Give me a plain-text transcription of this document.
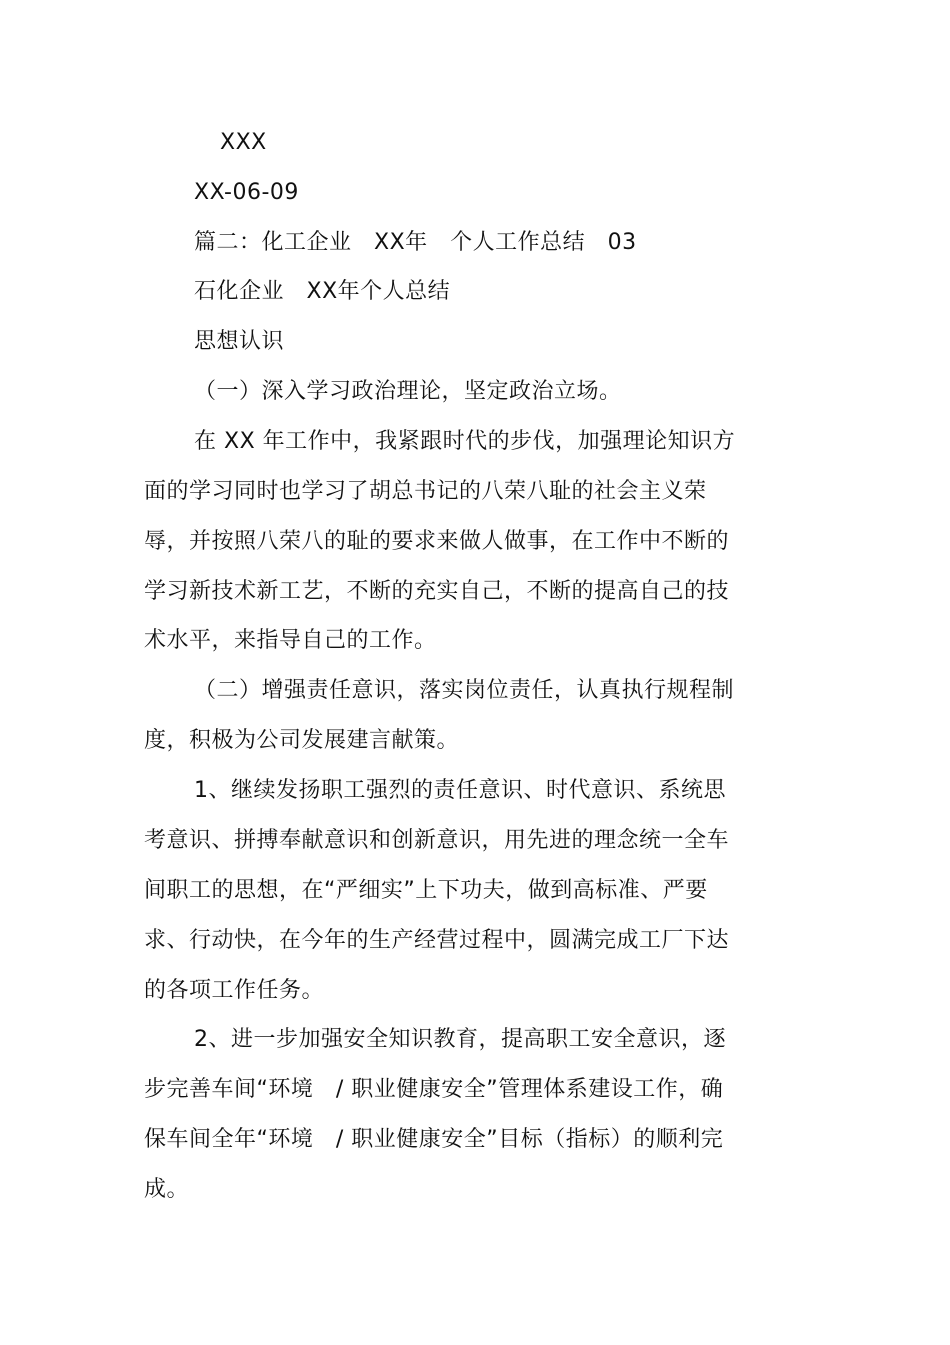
XXX
XX-06-09
篇二：化工企业　XX年　个人工作总结　03
石化企业　XX年个人总结
思想认识
（一）深入学习政治理论，坚定政治立场。
在 XX 年工作中，我紧跟时代的步伐，加强理论知识方
面的学习同时也学习了胡总书记的八荣八耻的社会主义荣
辱，并按照八荣八的耻的要求来做人做事，在工作中不断的
学习新技术新工艺，不断的充实自己，不断的提高自己的技
术水平，来指导自己的工作。
（二）增强责任意识，落实岗位责任，认真执行规程制
度，积极为公司发展建言献策。
1、继续发扬职工强烈的责任意识、时代意识、系统思
考意识、拼搏奉献意识和创新意识，用先进的理念统一全车
间职工的思想，在“严细实”上下功夫，做到高标准、严要
求、行动快，在今年的生产经营过程中，圆满完成工厂下达
的各项工作任务。
2、进一步加强安全知识教育，提高职工安全意识，逐
步完善车间“环境　/ 职业健康安全”管理体系建设工作，确
保车间全年“环境　/ 职业健康安全”目标（指标）的顺利完
成。
